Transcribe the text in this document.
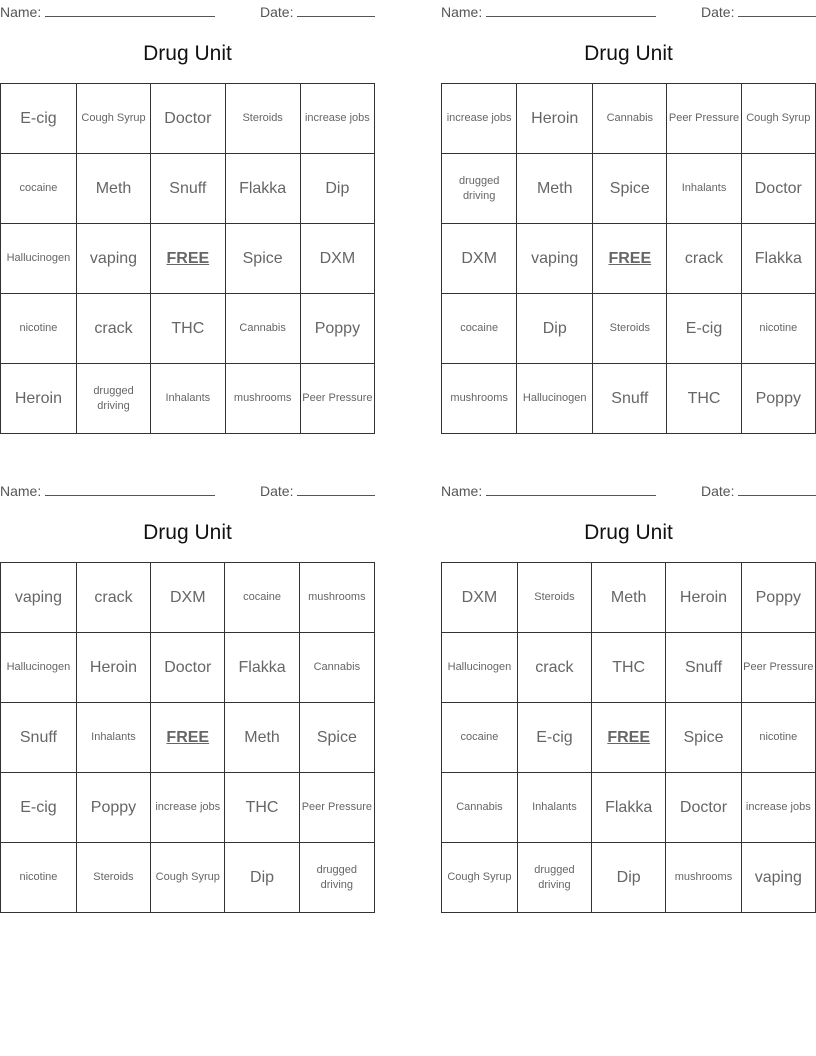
Name:	Date:
Drug Unit
E-cig	Cough Syrup	Doctor	Steroids	increase jobs
cocaine	Meth	Snuff	Flakka	Dip
Hallucinogen	vaping	FREE	Spice	DXM
nicotine	crack	THC	Cannabis	Poppy
Heroin	drugged driving	Inhalants	mushrooms	Peer Pressure
Name:	Date:
Drug Unit
increase jobs	Heroin	Cannabis	Peer Pressure	Cough Syrup
drugged driving	Meth	Spice	Inhalants	Doctor
DXM	vaping	FREE	crack	Flakka
cocaine	Dip	Steroids	E-cig	nicotine
mushrooms	Hallucinogen	Snuff	THC	Poppy
Name:	Date:
Drug Unit
vaping	crack	DXM	cocaine	mushrooms
Hallucinogen	Heroin	Doctor	Flakka	Cannabis
Snuff	Inhalants	FREE	Meth	Spice
E-cig	Poppy	increase jobs	THC	Peer Pressure
nicotine	Steroids	Cough Syrup	Dip	drugged driving
Name:	Date:
Drug Unit
DXM	Steroids	Meth	Heroin	Poppy
Hallucinogen	crack	THC	Snuff	Peer Pressure
cocaine	E-cig	FREE	Spice	nicotine
Cannabis	Inhalants	Flakka	Doctor	increase jobs
Cough Syrup	drugged driving	Dip	mushrooms	vaping
